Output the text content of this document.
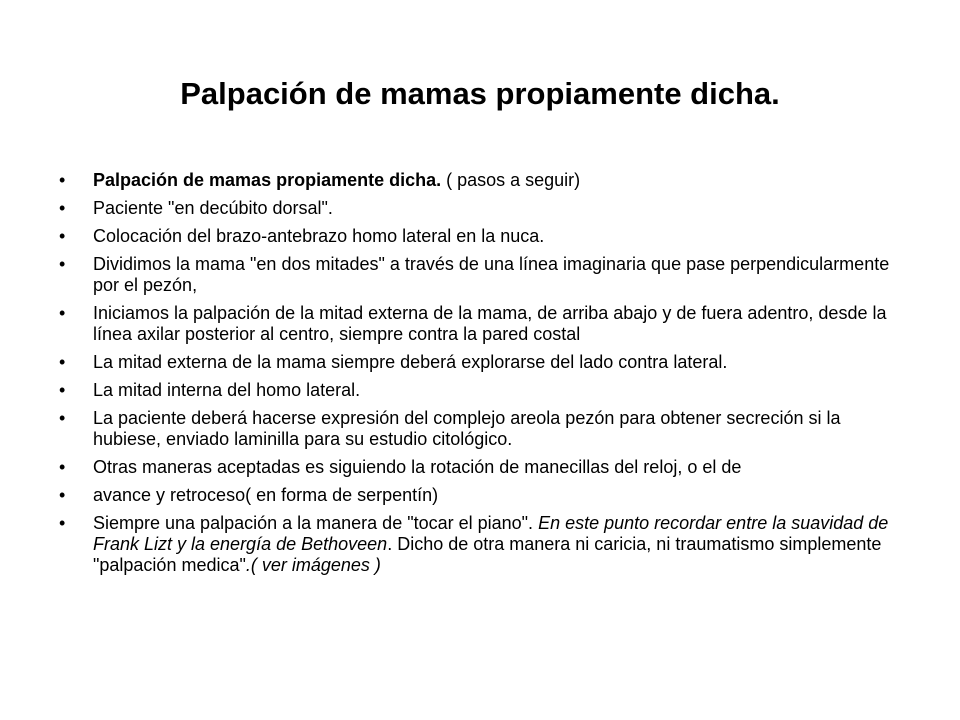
Palpación de mamas propiamente dicha.
• Palpación de mamas propiamente dicha. ( pasos a seguir)
• Paciente "en decúbito dorsal".
• Colocación del brazo-antebrazo homo lateral en la nuca.
• Dividimos la mama "en dos mitades" a través de una línea imaginaria que pase perpendicularmente por el pezón,
• Iniciamos la palpación de la mitad externa de la mama, de arriba abajo y de fuera adentro, desde la línea axilar posterior al centro, siempre contra la pared costal
• La mitad externa de la mama siempre deberá explorarse del lado contra lateral.
• La mitad interna del homo lateral.
• La paciente deberá hacerse expresión del complejo areola pezón para obtener secreción si la hubiese, enviado laminilla para su estudio citológico.
• Otras maneras aceptadas es siguiendo la rotación de manecillas del reloj, o el de
• avance y retroceso( en forma de serpentín)
• Siempre una palpación a la manera de "tocar el piano". En este punto recordar entre la suavidad de Frank Lizt y la energía de Bethoveen. Dicho de otra manera ni caricia, ni traumatismo simplemente "palpación medica".( ver imágenes )
